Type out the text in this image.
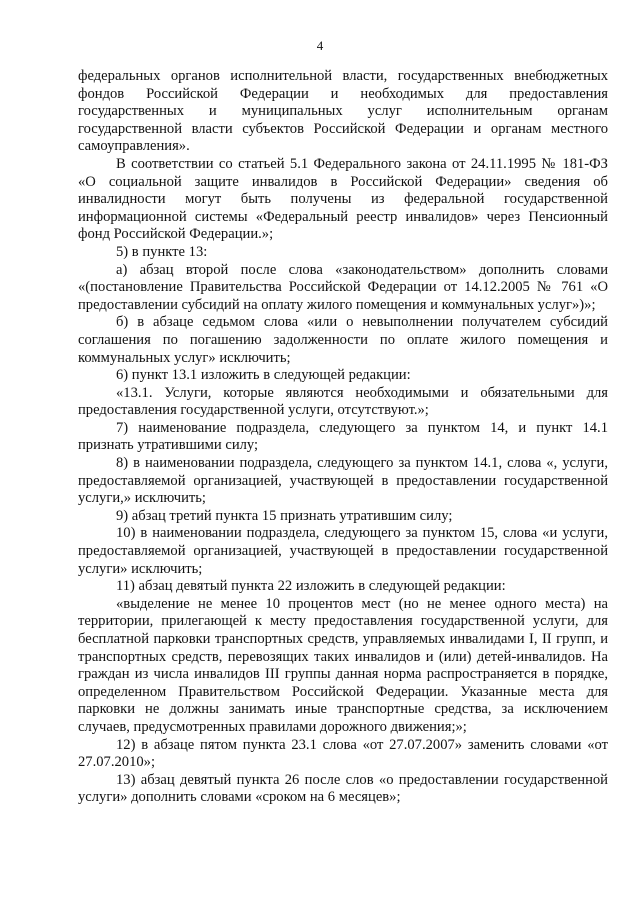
4

федеральных органов исполнительной власти, государственных внебюджетных фондов Российской Федерации и необходимых для предоставления государственных и муниципальных услуг исполнительным органам государственной власти субъектов Российской Федерации и органам местного самоуправления».

В соответствии со статьей 5.1 Федерального закона от 24.11.1995 № 181-ФЗ «О социальной защите инвалидов в Российской Федерации» сведения об инвалидности могут быть получены из федеральной государственной информационной системы «Федеральный реестр инвалидов» через Пенсионный фонд Российской Федерации.»;

5) в пункте 13:

а) абзац второй после слова «законодательством» дополнить словами «(постановление Правительства Российской Федерации от 14.12.2005 № 761 «О предоставлении субсидий на оплату жилого помещения и коммунальных услуг»)»;

б) в абзаце седьмом слова «или о невыполнении получателем субсидий соглашения по погашению задолженности по оплате жилого помещения и коммунальных услуг» исключить;

6) пункт 13.1 изложить в следующей редакции:

«13.1. Услуги, которые являются необходимыми и обязательными для предоставления государственной услуги, отсутствуют.»;

7) наименование подраздела, следующего за пунктом 14, и пункт 14.1 признать утратившими силу;

8) в наименовании подраздела, следующего за пунктом 14.1, слова «, услуги, предоставляемой организацией, участвующей в предоставлении государственной услуги,» исключить;

9) абзац третий пункта 15 признать утратившим силу;

10) в наименовании подраздела, следующего за пунктом 15, слова «и услуги, предоставляемой организацией, участвующей в предоставлении государственной услуги» исключить;

11) абзац девятый пункта 22 изложить в следующей редакции:

«выделение не менее 10 процентов мест (но не менее одного места) на территории, прилегающей к месту предоставления государственной услуги, для бесплатной парковки транспортных средств, управляемых инвалидами I, II групп, и транспортных средств, перевозящих таких инвалидов и (или) детей-инвалидов. На граждан из числа инвалидов III группы данная норма распространяется в порядке, определенном Правительством Российской Федерации. Указанные места для парковки не должны занимать иные транспортные средства, за исключением случаев, предусмотренных правилами дорожного движения;»;

12) в абзаце пятом пункта 23.1 слова «от 27.07.2007» заменить словами «от 27.07.2010»;

13) абзац девятый пункта 26 после слов «о предоставлении государственной услуги» дополнить словами «сроком на 6 месяцев»;
